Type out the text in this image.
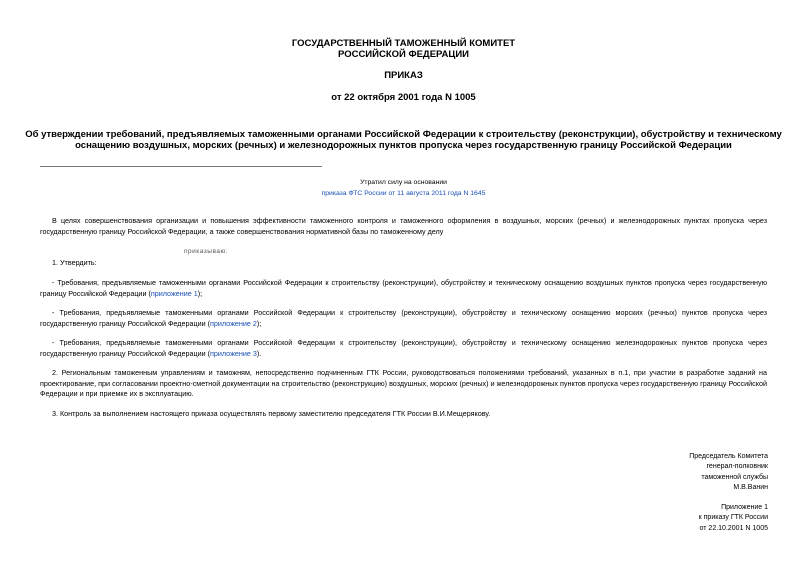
ГОСУДАРСТВЕННЫЙ ТАМОЖЕННЫЙ КОМИТЕТ
РОССИЙСКОЙ ФЕДЕРАЦИИ
ПРИКАЗ
от 22 октября 2001 года N 1005
Об утверждении требований, предъявляемых таможенными органами Российской Федерации к строительству (реконструкции), обустройству и техническому
оснащению воздушных, морских (речных) и железнодорожных пунктов пропуска через государственную границу Российской Федерации
Утратил силу на основании
приказа ФТС России от 11 августа 2011 года N 1645
В целях совершенствования организации и повышения эффективности таможенного контроля и таможенного оформления в воздушных, морских (речных) и железнодорожных пунктах пропуска через государственную границу Российской Федерации, а также совершенствования нормативной базы по таможенному делу
приказываю:
1. Утвердить:
- Требования, предъявляемые таможенными органами Российской Федерации к строительству (реконструкции), обустройству и техническому оснащению воздушных пунктов пропуска через государственную границу Российской Федерации (приложение 1);
- Требования, предъявляемые таможенными органами Российской Федерации к строительству (реконструкции), обустройству и техническому оснащению морских (речных) пунктов пропуска через государственную границу Российской Федерации (приложение 2);
- Требования, предъявляемые таможенными органами Российской Федерации к строительству (реконструкции), обустройству и техническому оснащению железнодорожных пунктов пропуска через государственную границу Российской Федерации (приложение 3).
2. Региональным таможенным управлениям и таможням, непосредственно подчиненным ГТК России, руководствоваться положениями требований, указанных в п.1, при участии в разработке заданий на проектирование, при согласовании проектно-сметной документации на строительство (реконструкцию) воздушных, морских (речных) и железнодорожных пунктов пропуска через государственную границу Российской Федерации и при приемке их в эксплуатацию.
3. Контроль за выполнением настоящего приказа осуществлять первому заместителю председателя ГТК России В.И.Мещерякову.
Председатель Комитета
генерал-полковник
таможенной службы
М.В.Ванин
Приложение 1
к приказу ГТК России
от 22.10.2001 N 1005
